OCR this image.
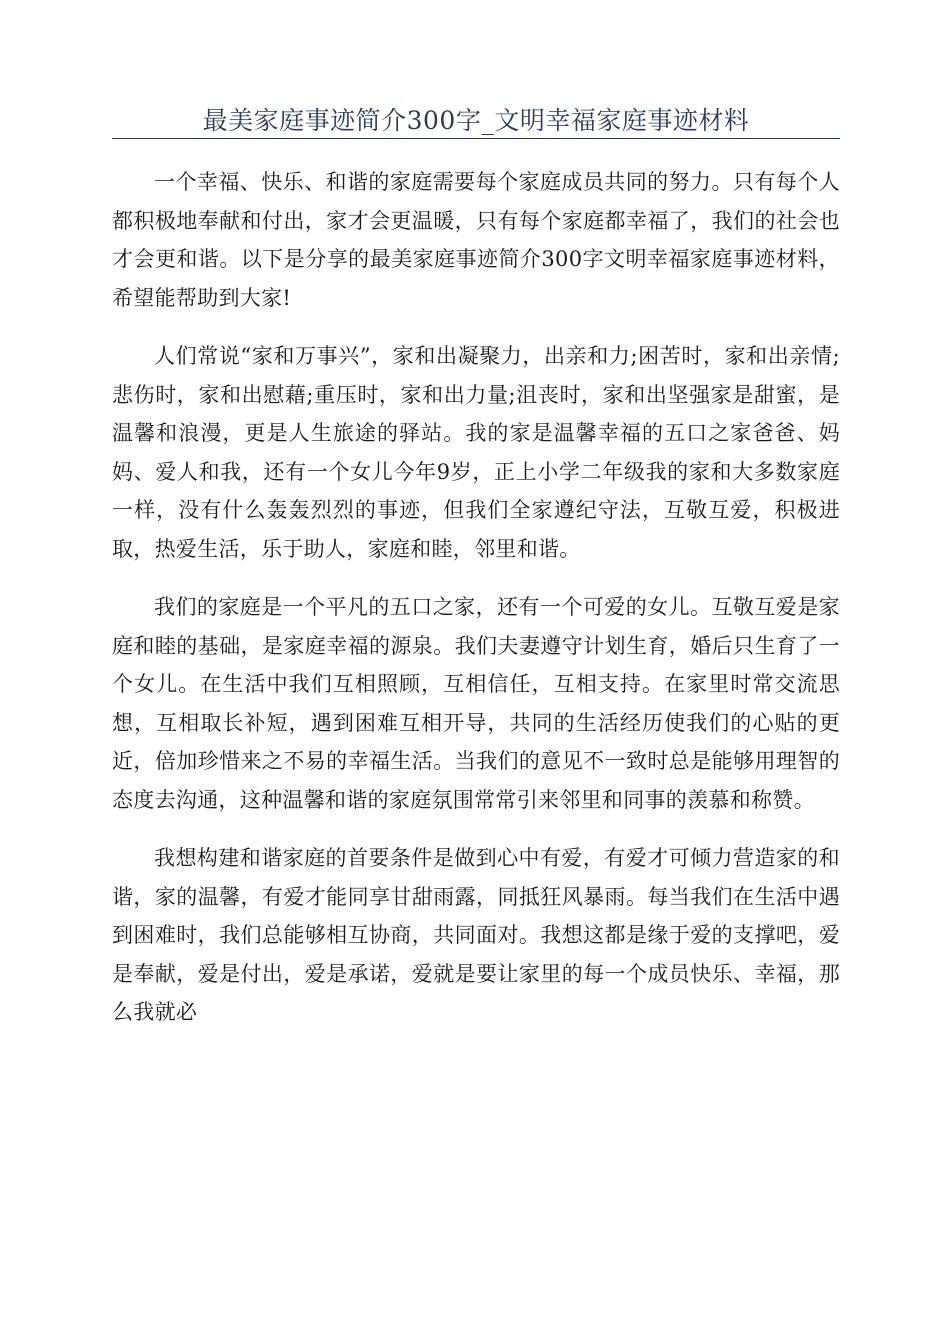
最美家庭事迹简介300字_文明幸福家庭事迹材料

一个幸福、快乐、和谐的家庭需要每个家庭成员共同的努力。只有每个人都积极地奉献和付出，家才会更温暖，只有每个家庭都幸福了，我们的社会也才会更和谐。以下是分享的最美家庭事迹简介300字文明幸福家庭事迹材料，希望能帮助到大家!

人们常说“家和万事兴”，家和出凝聚力，出亲和力;困苦时，家和出亲情;悲伤时，家和出慰藉;重压时，家和出力量;沮丧时，家和出坚强家是甜蜜，是温馨和浪漫，更是人生旅途的驿站。我的家是温馨幸福的五口之家爸爸、妈妈、爱人和我，还有一个女儿今年9岁，正上小学二年级我的家和大多数家庭一样，没有什么轰轰烈烈的事迹，但我们全家遵纪守法，互敬互爱，积极进取，热爱生活，乐于助人，家庭和睦，邻里和谐。

我们的家庭是一个平凡的五口之家，还有一个可爱的女儿。互敬互爱是家庭和睦的基础，是家庭幸福的源泉。我们夫妻遵守计划生育，婚后只生育了一个女儿。在生活中我们互相照顾，互相信任，互相支持。在家里时常交流思想，互相取长补短，遇到困难互相开导，共同的生活经历使我们的心贴的更近，倍加珍惜来之不易的幸福生活。当我们的意见不一致时总是能够用理智的态度去沟通，这种温馨和谐的家庭氛围常常引来邻里和同事的羡慕和称赞。

我想构建和谐家庭的首要条件是做到心中有爱，有爱才可倾力营造家的和谐，家的温馨，有爱才能同享甘甜雨露，同抵狂风暴雨。每当我们在生活中遇到困难时，我们总能够相互协商，共同面对。我想这都是缘于爱的支撑吧，爱是奉献，爱是付出，爱是承诺，爱就是要让家里的每一个成员快乐、幸福，那么我就必
